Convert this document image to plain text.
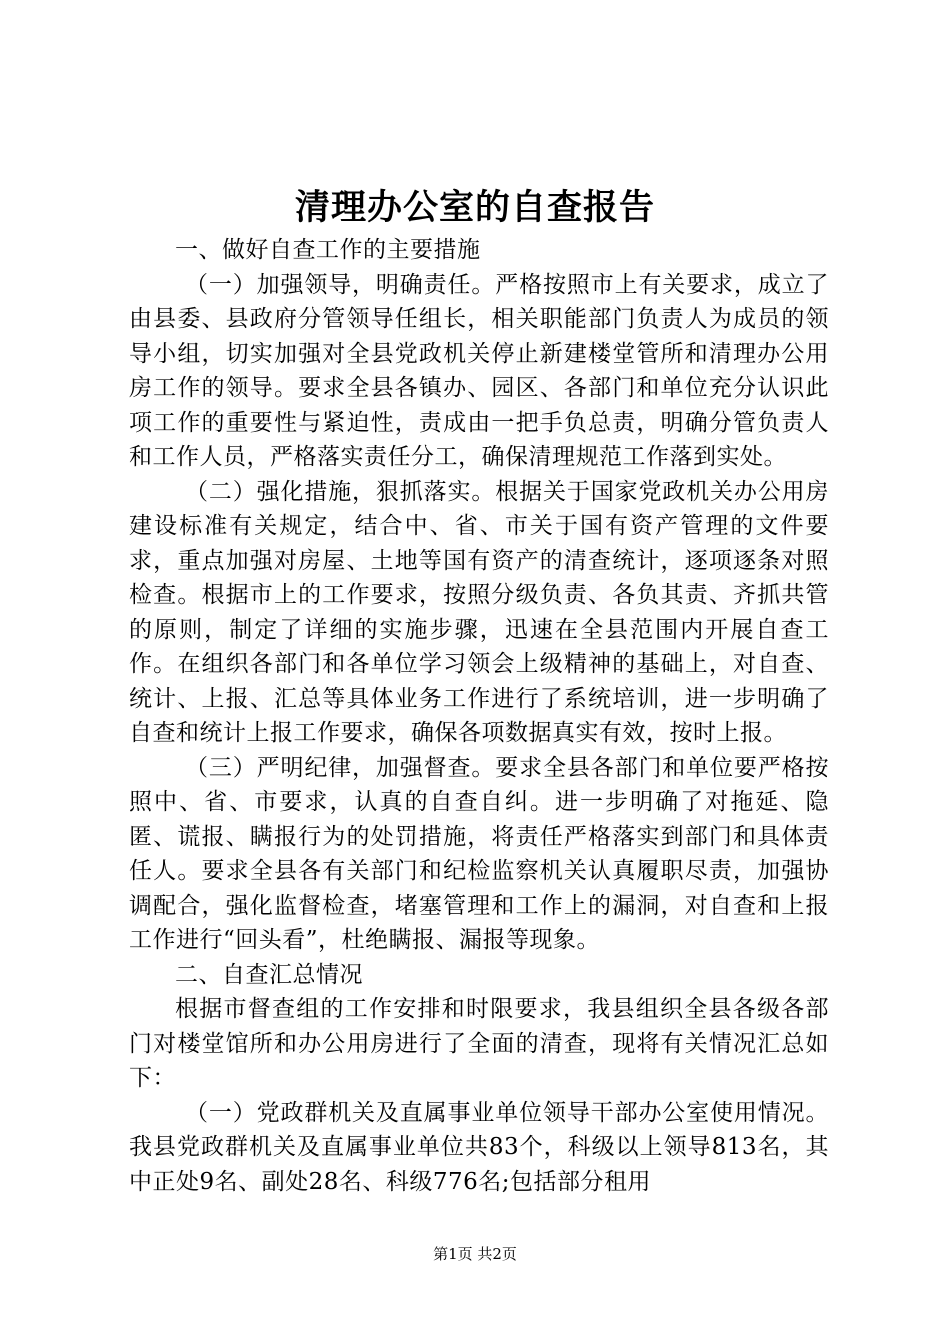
清理办公室的自查报告

一、做好自查工作的主要措施

（一）加强领导，明确责任。严格按照市上有关要求，成立了由县委、县政府分管领导任组长，相关职能部门负责人为成员的领导小组，切实加强对全县党政机关停止新建楼堂管所和清理办公用房工作的领导。要求全县各镇办、园区、各部门和单位充分认识此项工作的重要性与紧迫性，责成由一把手负总责，明确分管负责人和工作人员，严格落实责任分工，确保清理规范工作落到实处。

（二）强化措施，狠抓落实。根据关于国家党政机关办公用房建设标准有关规定，结合中、省、市关于国有资产管理的文件要求，重点加强对房屋、土地等国有资产的清查统计，逐项逐条对照检查。根据市上的工作要求，按照分级负责、各负其责、齐抓共管的原则，制定了详细的实施步骤，迅速在全县范围内开展自查工作。在组织各部门和各单位学习领会上级精神的基础上，对自查、统计、上报、汇总等具体业务工作进行了系统培训，进一步明确了自查和统计上报工作要求，确保各项数据真实有效，按时上报。

（三）严明纪律，加强督查。要求全县各部门和单位要严格按照中、省、市要求，认真的自查自纠。进一步明确了对拖延、隐匿、谎报、瞒报行为的处罚措施，将责任严格落实到部门和具体责任人。要求全县各有关部门和纪检监察机关认真履职尽责，加强协调配合，强化监督检查，堵塞管理和工作上的漏洞，对自查和上报工作进行“回头看”，杜绝瞒报、漏报等现象。

二、自查汇总情况

根据市督查组的工作安排和时限要求，我县组织全县各级各部门对楼堂馆所和办公用房进行了全面的清查，现将有关情况汇总如下：

（一）党政群机关及直属事业单位领导干部办公室使用情况。我县党政群机关及直属事业单位共83个，科级以上领导813名，其中正处9名、副处28名、科级776名;包括部分租用

第1页 共2页
